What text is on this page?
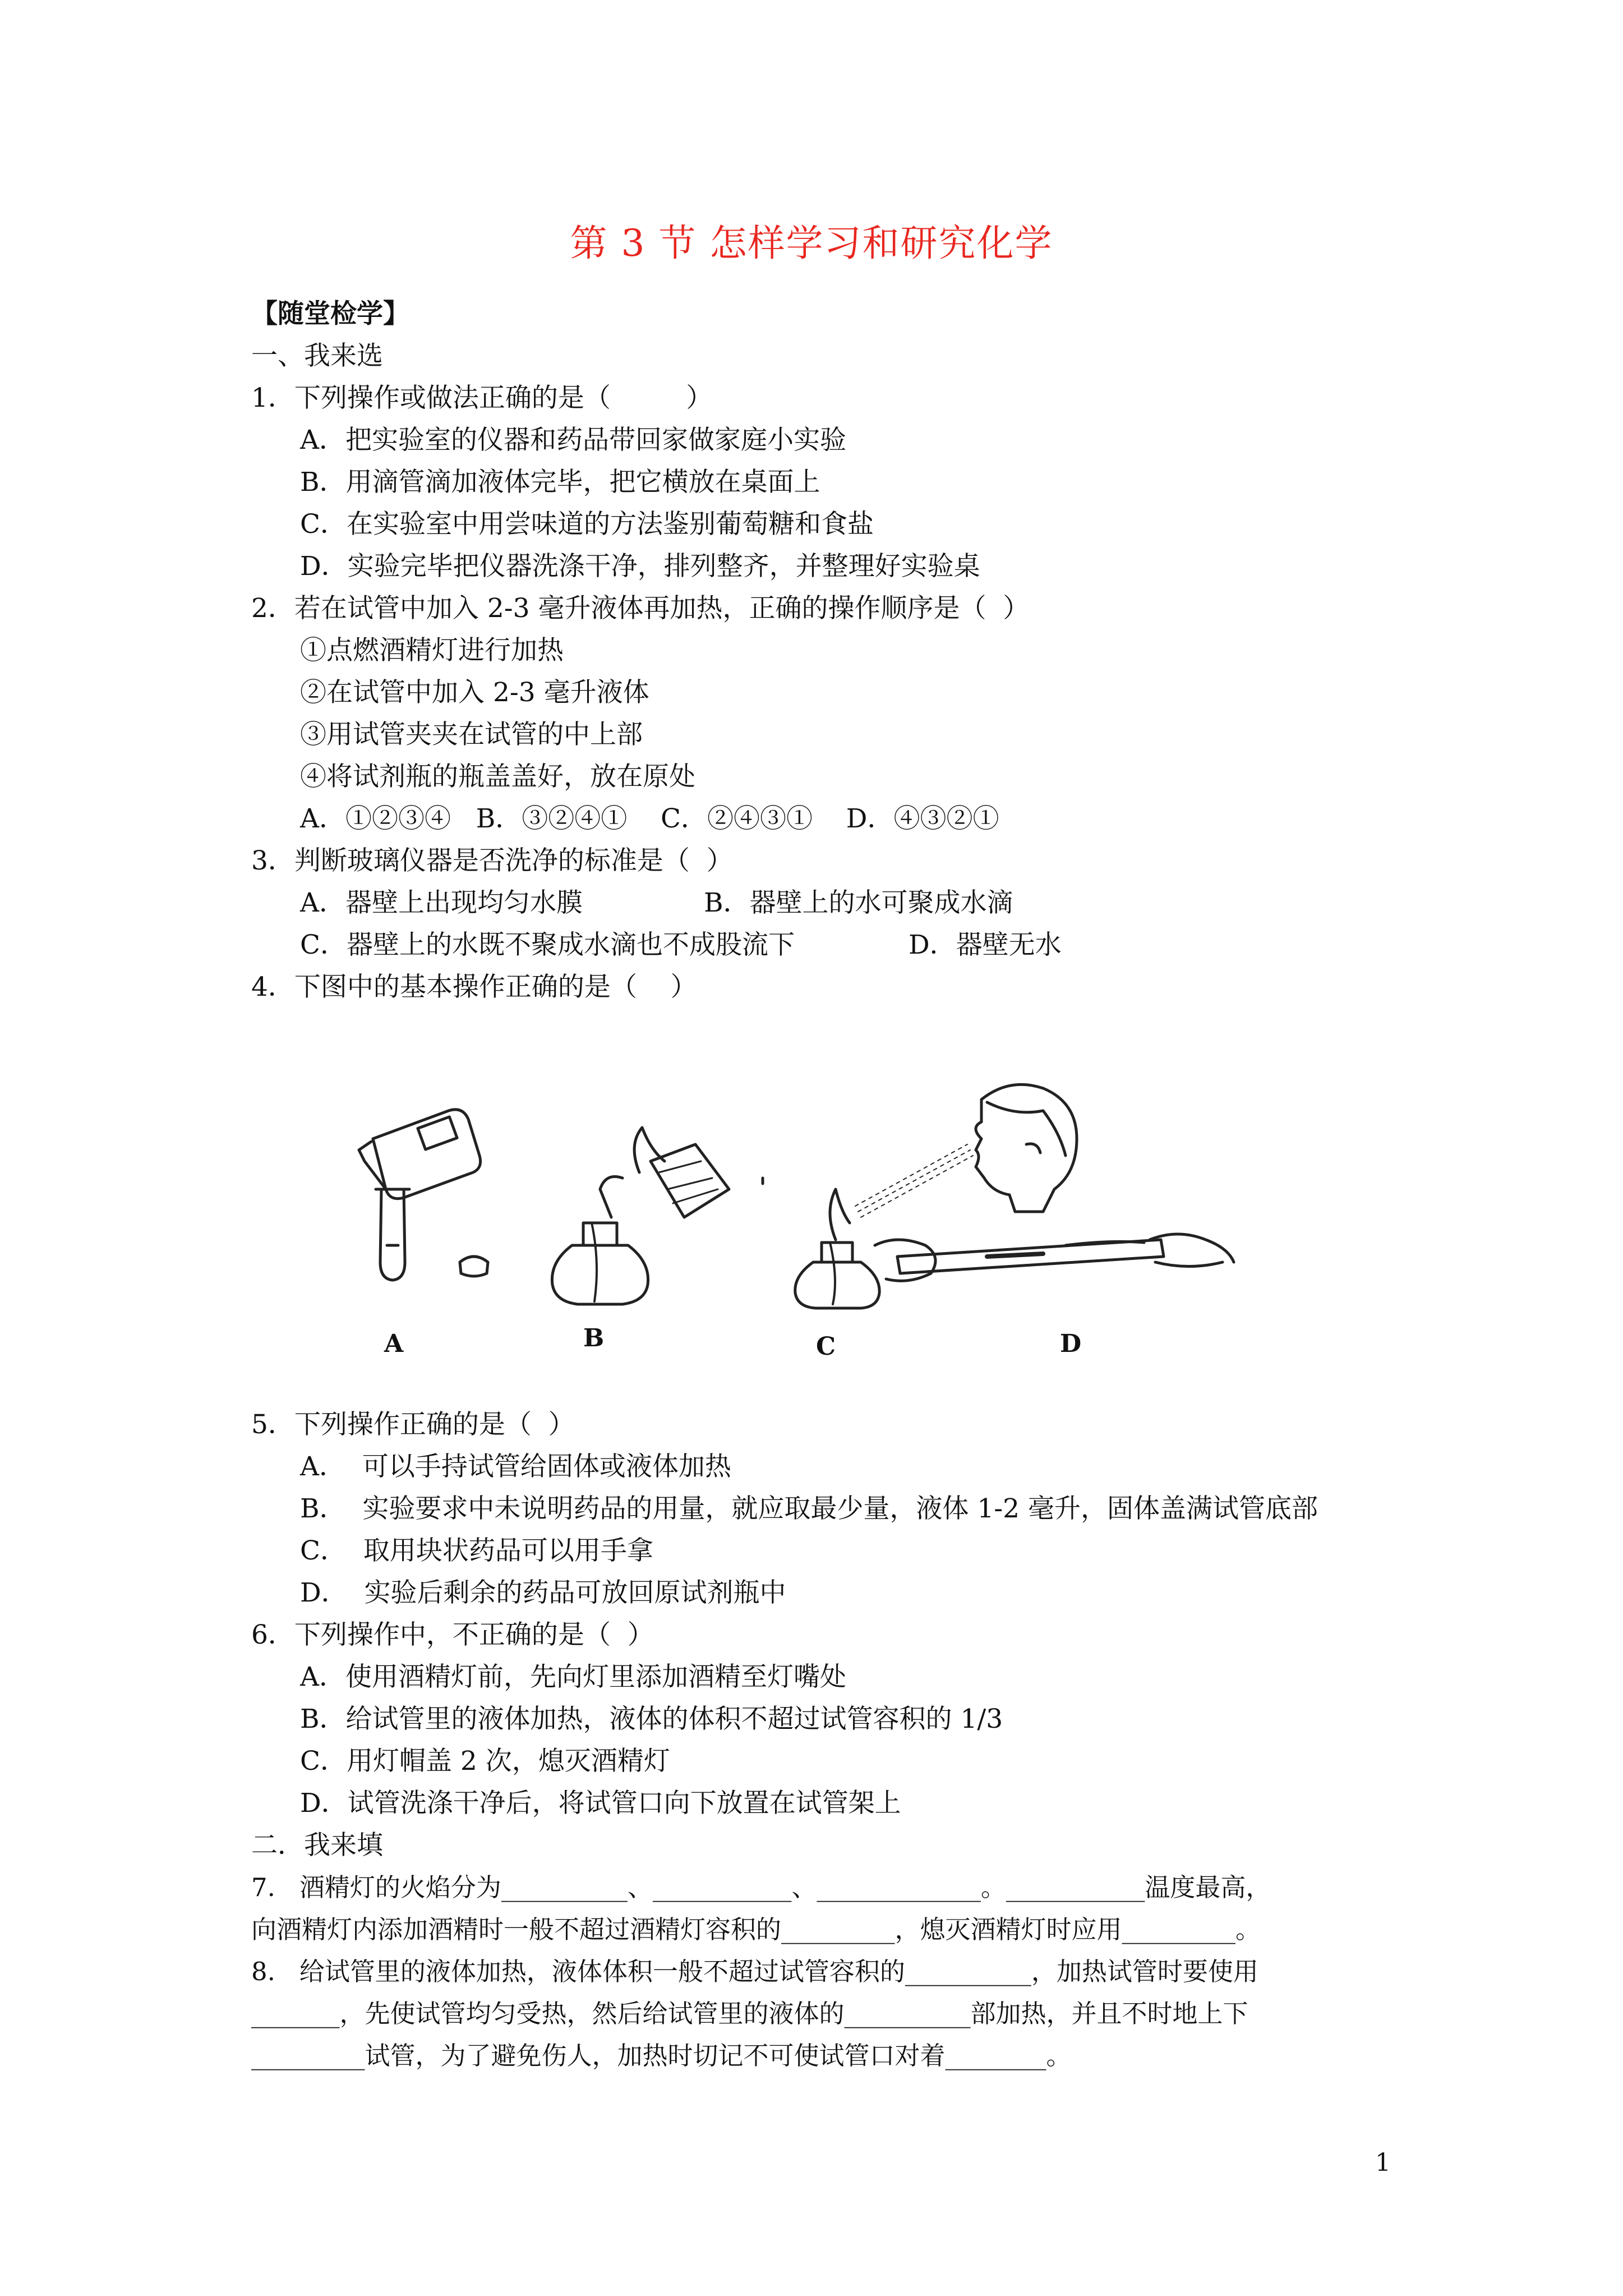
第 3 节 怎样学习和研究化学
【随堂检学】
一、我来选
1．下列操作或做法正确的是（         ）
A．把实验室的仪器和药品带回家做家庭小实验
B．用滴管滴加液体完毕，把它横放在桌面上
C．在实验室中用尝味道的方法鉴别葡萄糖和食盐
D．实验完毕把仪器洗涤干净，排列整齐，并整理好实验桌
2．若在试管中加入 2-3 毫升液体再加热，正确的操作顺序是（  ）
①点燃酒精灯进行加热
②在试管中加入 2-3 毫升液体
③用试管夹夹在试管的中上部
④将试剂瓶的瓶盖盖好，放在原处
A．①②③④   B．③②④①    C．②④③①    D．④③②①
3．判断玻璃仪器是否洗净的标准是（  ）
A．器壁上出现均匀水膜	B．器壁上的水可聚成水滴
C．器壁上的水既不聚成水滴也不成股流下	D．器壁无水
4．下图中的基本操作正确的是（    ）
A	B	C	D
5．下列操作正确的是（  ）
A．  可以手持试管给固体或液体加热
B．  实验要求中未说明药品的用量，就应取最少量，液体 1-2 毫升，固体盖满试管底部
C．  取用块状药品可以用手拿
D．  实验后剩余的药品可放回原试剂瓶中
6．下列操作中，不正确的是（  ）
A．使用酒精灯前，先向灯里添加酒精至灯嘴处
B．给试管里的液体加热，液体的体积不超过试管容积的 1/3
C．用灯帽盖 2 次，熄灭酒精灯
D．试管洗涤干净后，将试管口向下放置在试管架上
二．我来填
7.   酒精灯的火焰分为__________、___________、_____________。___________温度最高，
向酒精灯内添加酒精时一般不超过酒精灯容积的_________，熄灭酒精灯时应用_________。
8.   给试管里的液体加热，液体体积一般不超过试管容积的__________，加热试管时要使用
_______，先使试管均匀受热，然后给试管里的液体的__________部加热，并且不时地上下
_________试管，为了避免伤人，加热时切记不可使试管口对着________。
1
